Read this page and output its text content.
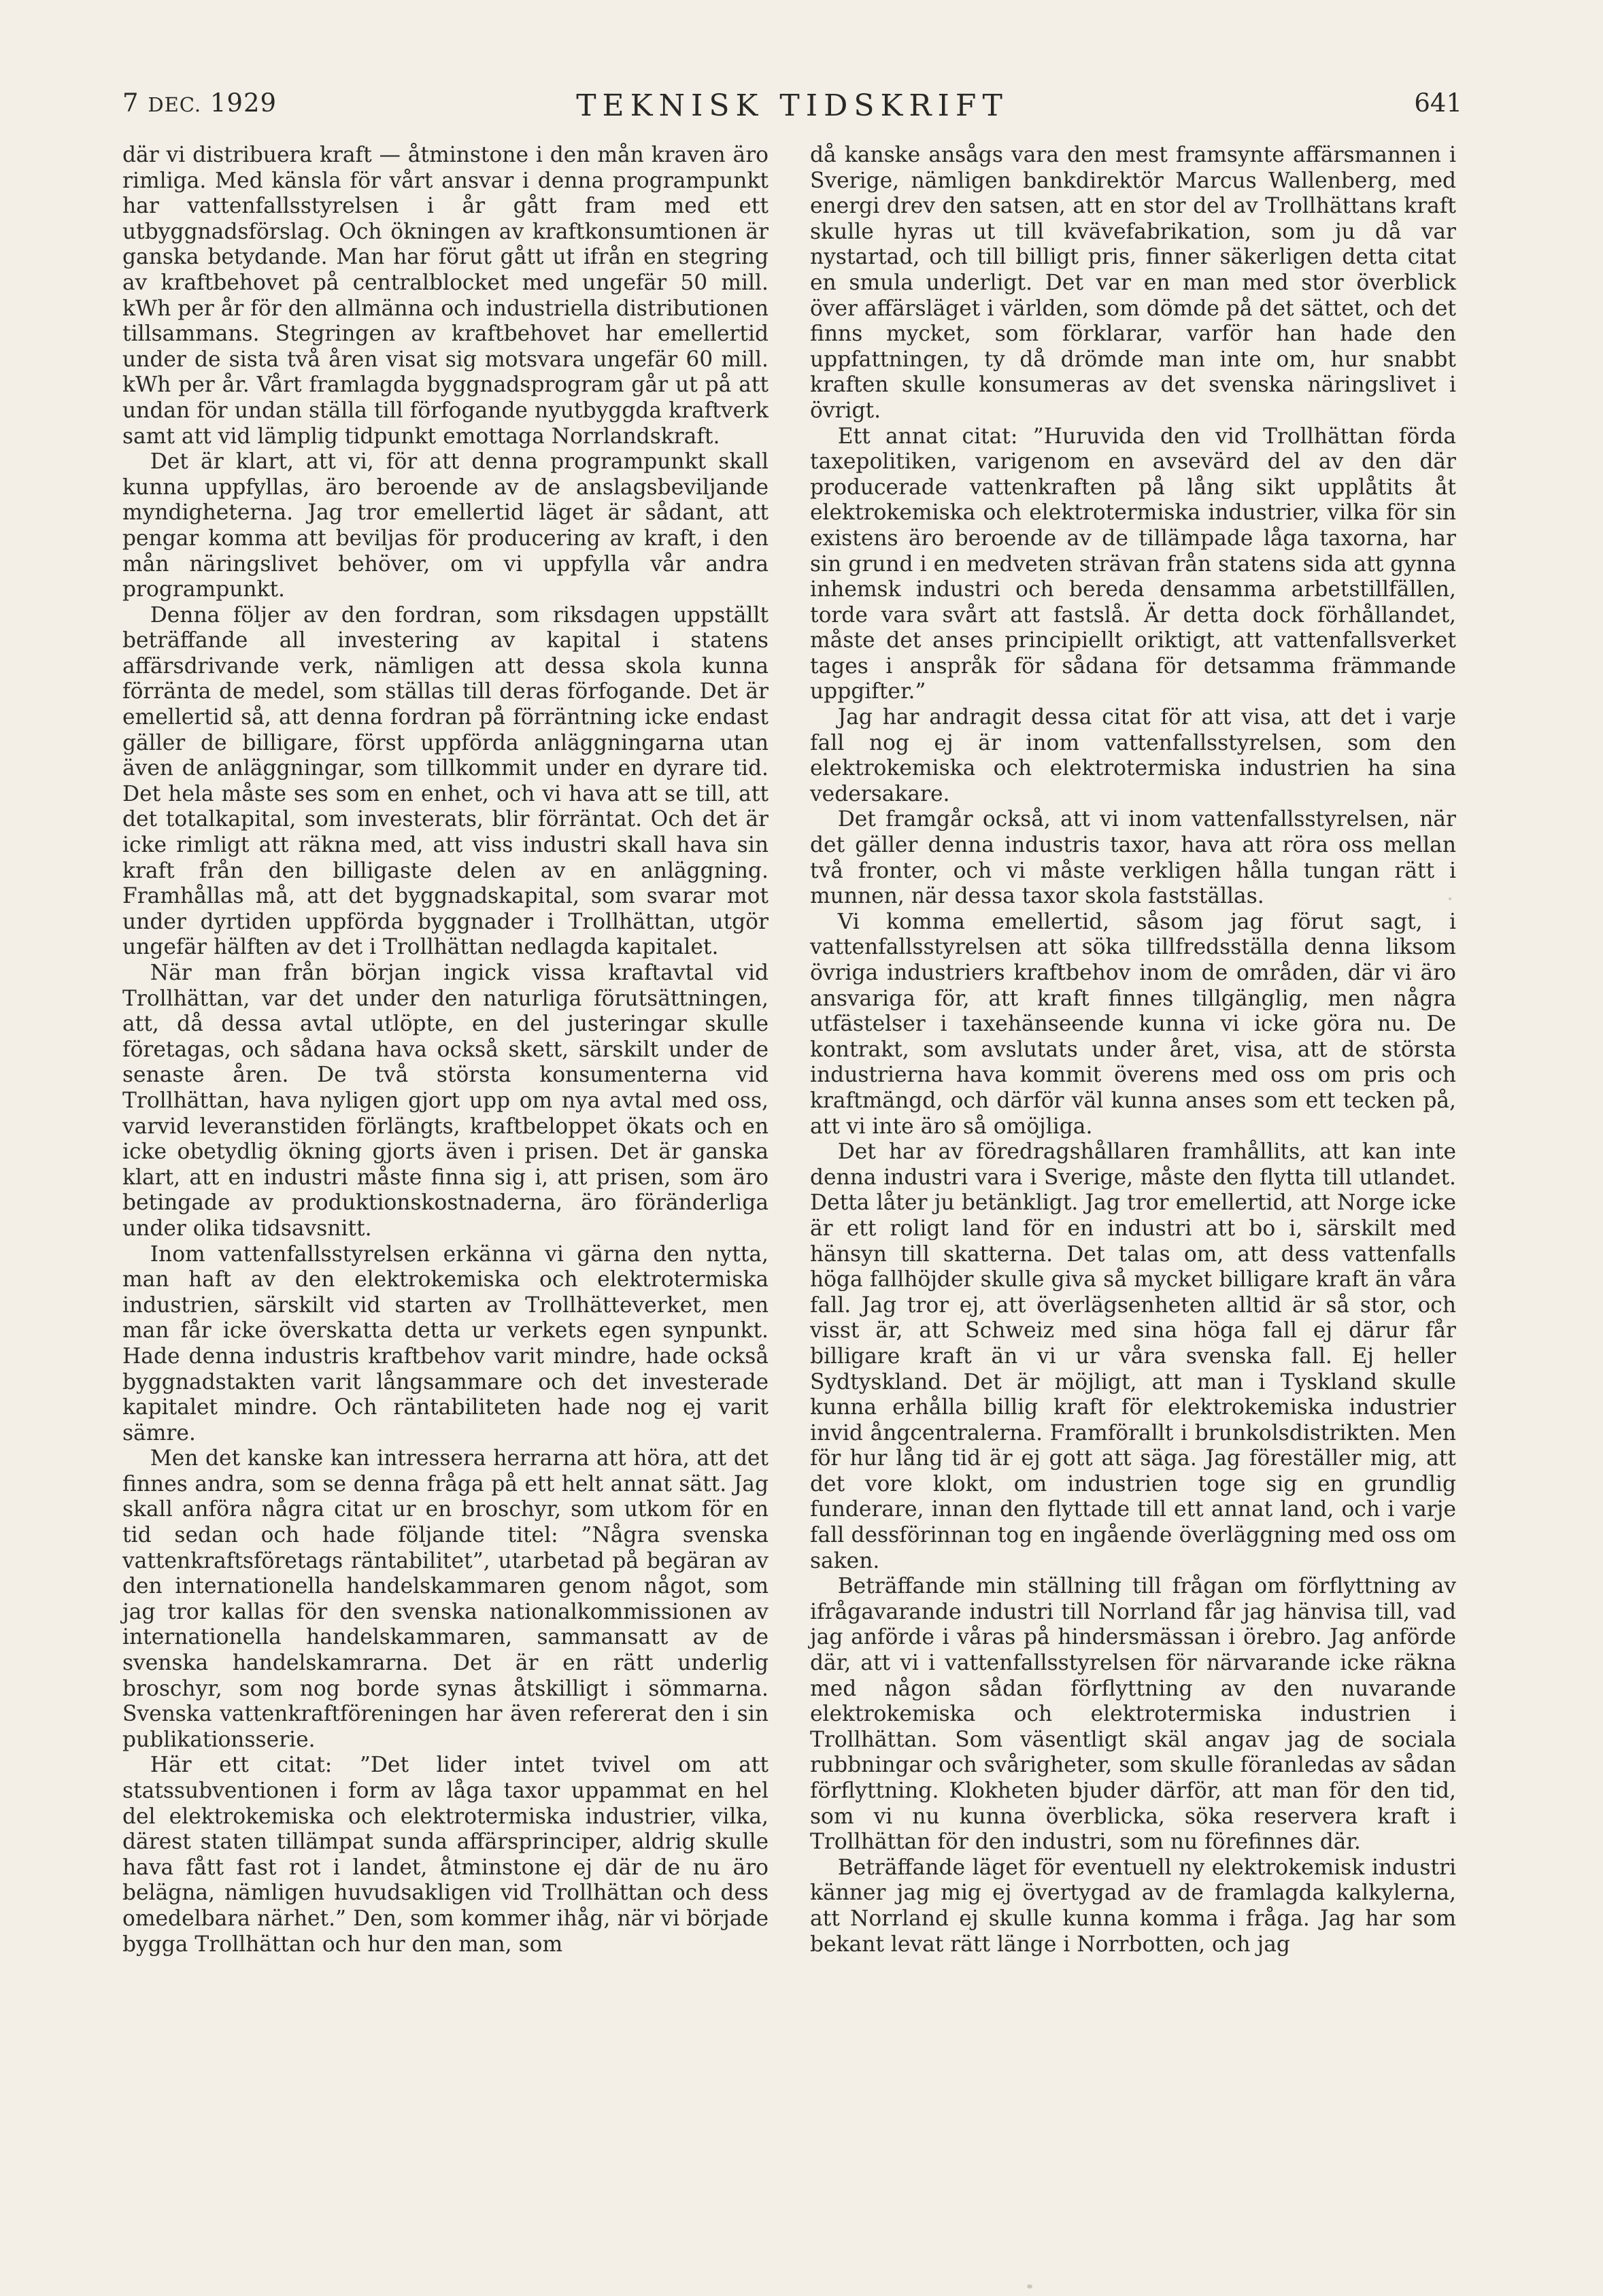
7 DEC. 1929	TEKNISK TIDSKRIFT	641

där vi distribuera kraft — åtminstone i den mån kraven äro rimliga. Med känsla för vårt ansvar i denna programpunkt har vattenfallsstyrelsen i år gått fram med ett utbyggnadsförslag. Och ökningen av kraftkonsumtionen är ganska betydande. Man har förut gått ut ifrån en stegring av kraftbehovet på centralblocket med ungefär 50 mill. kWh per år för den allmänna och industriella distributionen tillsammans. Stegringen av kraftbehovet har emellertid under de sista två åren visat sig motsvara ungefär 60 mill. kWh per år. Vårt framlagda byggnadsprogram går ut på att undan för undan ställa till förfogande nyutbyggda kraftverk samt att vid lämplig tidpunkt emottaga Norrlandskraft.

Det är klart, att vi, för att denna programpunkt skall kunna uppfyllas, äro beroende av de anslagsbeviljande myndigheterna. Jag tror emellertid läget är sådant, att pengar komma att beviljas för producering av kraft, i den mån näringslivet behöver, om vi uppfylla vår andra programpunkt.

Denna följer av den fordran, som riksdagen uppställt beträffande all investering av kapital i statens affärsdrivande verk, nämligen att dessa skola kunna förränta de medel, som ställas till deras förfogande. Det är emellertid så, att denna fordran på förräntning icke endast gäller de billigare, först uppförda anläggningarna utan även de anläggningar, som tillkommit under en dyrare tid. Det hela måste ses som en enhet, och vi hava att se till, att det totalkapital, som investerats, blir förräntat. Och det är icke rimligt att räkna med, att viss industri skall hava sin kraft från den billigaste delen av en anläggning. Framhållas må, att det byggnadskapital, som svarar mot under dyrtiden uppförda byggnader i Trollhättan, utgör ungefär hälften av det i Trollhättan nedlagda kapitalet.

När man från början ingick vissa kraftavtal vid Trollhättan, var det under den naturliga förutsättningen, att, då dessa avtal utlöpte, en del justeringar skulle företagas, och sådana hava också skett, särskilt under de senaste åren. De två största konsumenterna vid Trollhättan, hava nyligen gjort upp om nya avtal med oss, varvid leveranstiden förlängts, kraftbeloppet ökats och en icke obetydlig ökning gjorts även i prisen. Det är ganska klart, att en industri måste finna sig i, att prisen, som äro betingade av produktionskostnaderna, äro föränderliga under olika tidsavsnitt.

Inom vattenfallsstyrelsen erkänna vi gärna den nytta, man haft av den elektrokemiska och elektrotermiska industrien, särskilt vid starten av Trollhätteverket, men man får icke överskatta detta ur verkets egen synpunkt. Hade denna industris kraftbehov varit mindre, hade också byggnadstakten varit långsammare och det investerade kapitalet mindre. Och räntabiliteten hade nog ej varit sämre.

Men det kanske kan intressera herrarna att höra, att det finnes andra, som se denna fråga på ett helt annat sätt. Jag skall anföra några citat ur en broschyr, som utkom för en tid sedan och hade följande titel: ”Några svenska vattenkraftsföretags räntabilitet”, utarbetad på begäran av den internationella handelskammaren genom något, som jag tror kallas för den svenska nationalkommissionen av internationella handelskammaren, sammansatt av de svenska handelskamrarna. Det är en rätt underlig broschyr, som nog borde synas åtskilligt i sömmarna. Svenska vattenkraftföreningen har även refererat den i sin publikationsserie.

Här ett citat: ”Det lider intet tvivel om att statssubventionen i form av låga taxor uppammat en hel del elektrokemiska och elektrotermiska industrier, vilka, därest staten tillämpat sunda affärsprinciper, aldrig skulle hava fått fast rot i landet, åtminstone ej där de nu äro belägna, nämligen huvudsakligen vid Trollhättan och dess omedelbara närhet.” Den, som kommer ihåg, när vi började bygga Trollhättan och hur den man, som

då kanske ansågs vara den mest framsynte affärsmannen i Sverige, nämligen bankdirektör Marcus Wallenberg, med energi drev den satsen, att en stor del av Trollhättans kraft skulle hyras ut till kvävefabrikation, som ju då var nystartad, och till billigt pris, finner säkerligen detta citat en smula underligt. Det var en man med stor överblick över affärsläget i världen, som dömde på det sättet, och det finns mycket, som förklarar, varför han hade den uppfattningen, ty då drömde man inte om, hur snabbt kraften skulle konsumeras av det svenska näringslivet i övrigt.

Ett annat citat: ”Huruvida den vid Trollhättan förda taxepolitiken, varigenom en avsevärd del av den där producerade vattenkraften på lång sikt upplåtits åt elektrokemiska och elektrotermiska industrier, vilka för sin existens äro beroende av de tillämpade låga taxorna, har sin grund i en medveten strävan från statens sida att gynna inhemsk industri och bereda densamma arbetstillfällen, torde vara svårt att fastslå. Är detta dock förhållandet, måste det anses principiellt oriktigt, att vattenfallsverket tages i anspråk för sådana för detsamma främmande uppgifter.”

Jag har andragit dessa citat för att visa, att det i varje fall nog ej är inom vattenfallsstyrelsen, som den elektrokemiska och elektrotermiska industrien ha sina vedersakare.

Det framgår också, att vi inom vattenfallsstyrelsen, när det gäller denna industris taxor, hava att röra oss mellan två fronter, och vi måste verkligen hålla tungan rätt i munnen, när dessa taxor skola fastställas.

Vi komma emellertid, såsom jag förut sagt, i vattenfallsstyrelsen att söka tillfredsställa denna liksom övriga industriers kraftbehov inom de områden, där vi äro ansvariga för, att kraft finnes tillgänglig, men några utfästelser i taxehänseende kunna vi icke göra nu. De kontrakt, som avslutats under året, visa, att de största industrierna hava kommit överens med oss om pris och kraftmängd, och därför väl kunna anses som ett tecken på, att vi inte äro så omöjliga.

Det har av föredragshållaren framhållits, att kan inte denna industri vara i Sverige, måste den flytta till utlandet. Detta låter ju betänkligt. Jag tror emellertid, att Norge icke är ett roligt land för en industri att bo i, särskilt med hänsyn till skatterna. Det talas om, att dess vattenfalls höga fallhöjder skulle giva så mycket billigare kraft än våra fall. Jag tror ej, att överlägsenheten alltid är så stor, och visst är, att Schweiz med sina höga fall ej därur får billigare kraft än vi ur våra svenska fall. Ej heller Sydtyskland. Det är möjligt, att man i Tyskland skulle kunna erhålla billig kraft för elektrokemiska industrier invid ångcentralerna. Framförallt i brunkolsdistrikten. Men för hur lång tid är ej gott att säga. Jag föreställer mig, att det vore klokt, om industrien toge sig en grundlig funderare, innan den flyttade till ett annat land, och i varje fall dessförinnan tog en ingående överläggning med oss om saken.

Beträffande min ställning till frågan om förflyttning av ifrågavarande industri till Norrland får jag hänvisa till, vad jag anförde i våras på hindersmässan i örebro. Jag anförde där, att vi i vattenfallsstyrelsen för närvarande icke räkna med någon sådan förflyttning av den nuvarande elektrokemiska och elektrotermiska industrien i Trollhättan. Som väsentligt skäl angav jag de sociala rubbningar och svårigheter, som skulle föranledas av sådan förflyttning. Klokheten bjuder därför, att man för den tid, som vi nu kunna överblicka, söka reservera kraft i Trollhättan för den industri, som nu förefinnes där.

Beträffande läget för eventuell ny elektrokemisk industri känner jag mig ej övertygad av de framlagda kalkylerna, att Norrland ej skulle kunna komma i fråga. Jag har som bekant levat rätt länge i Norrbotten, och jag
